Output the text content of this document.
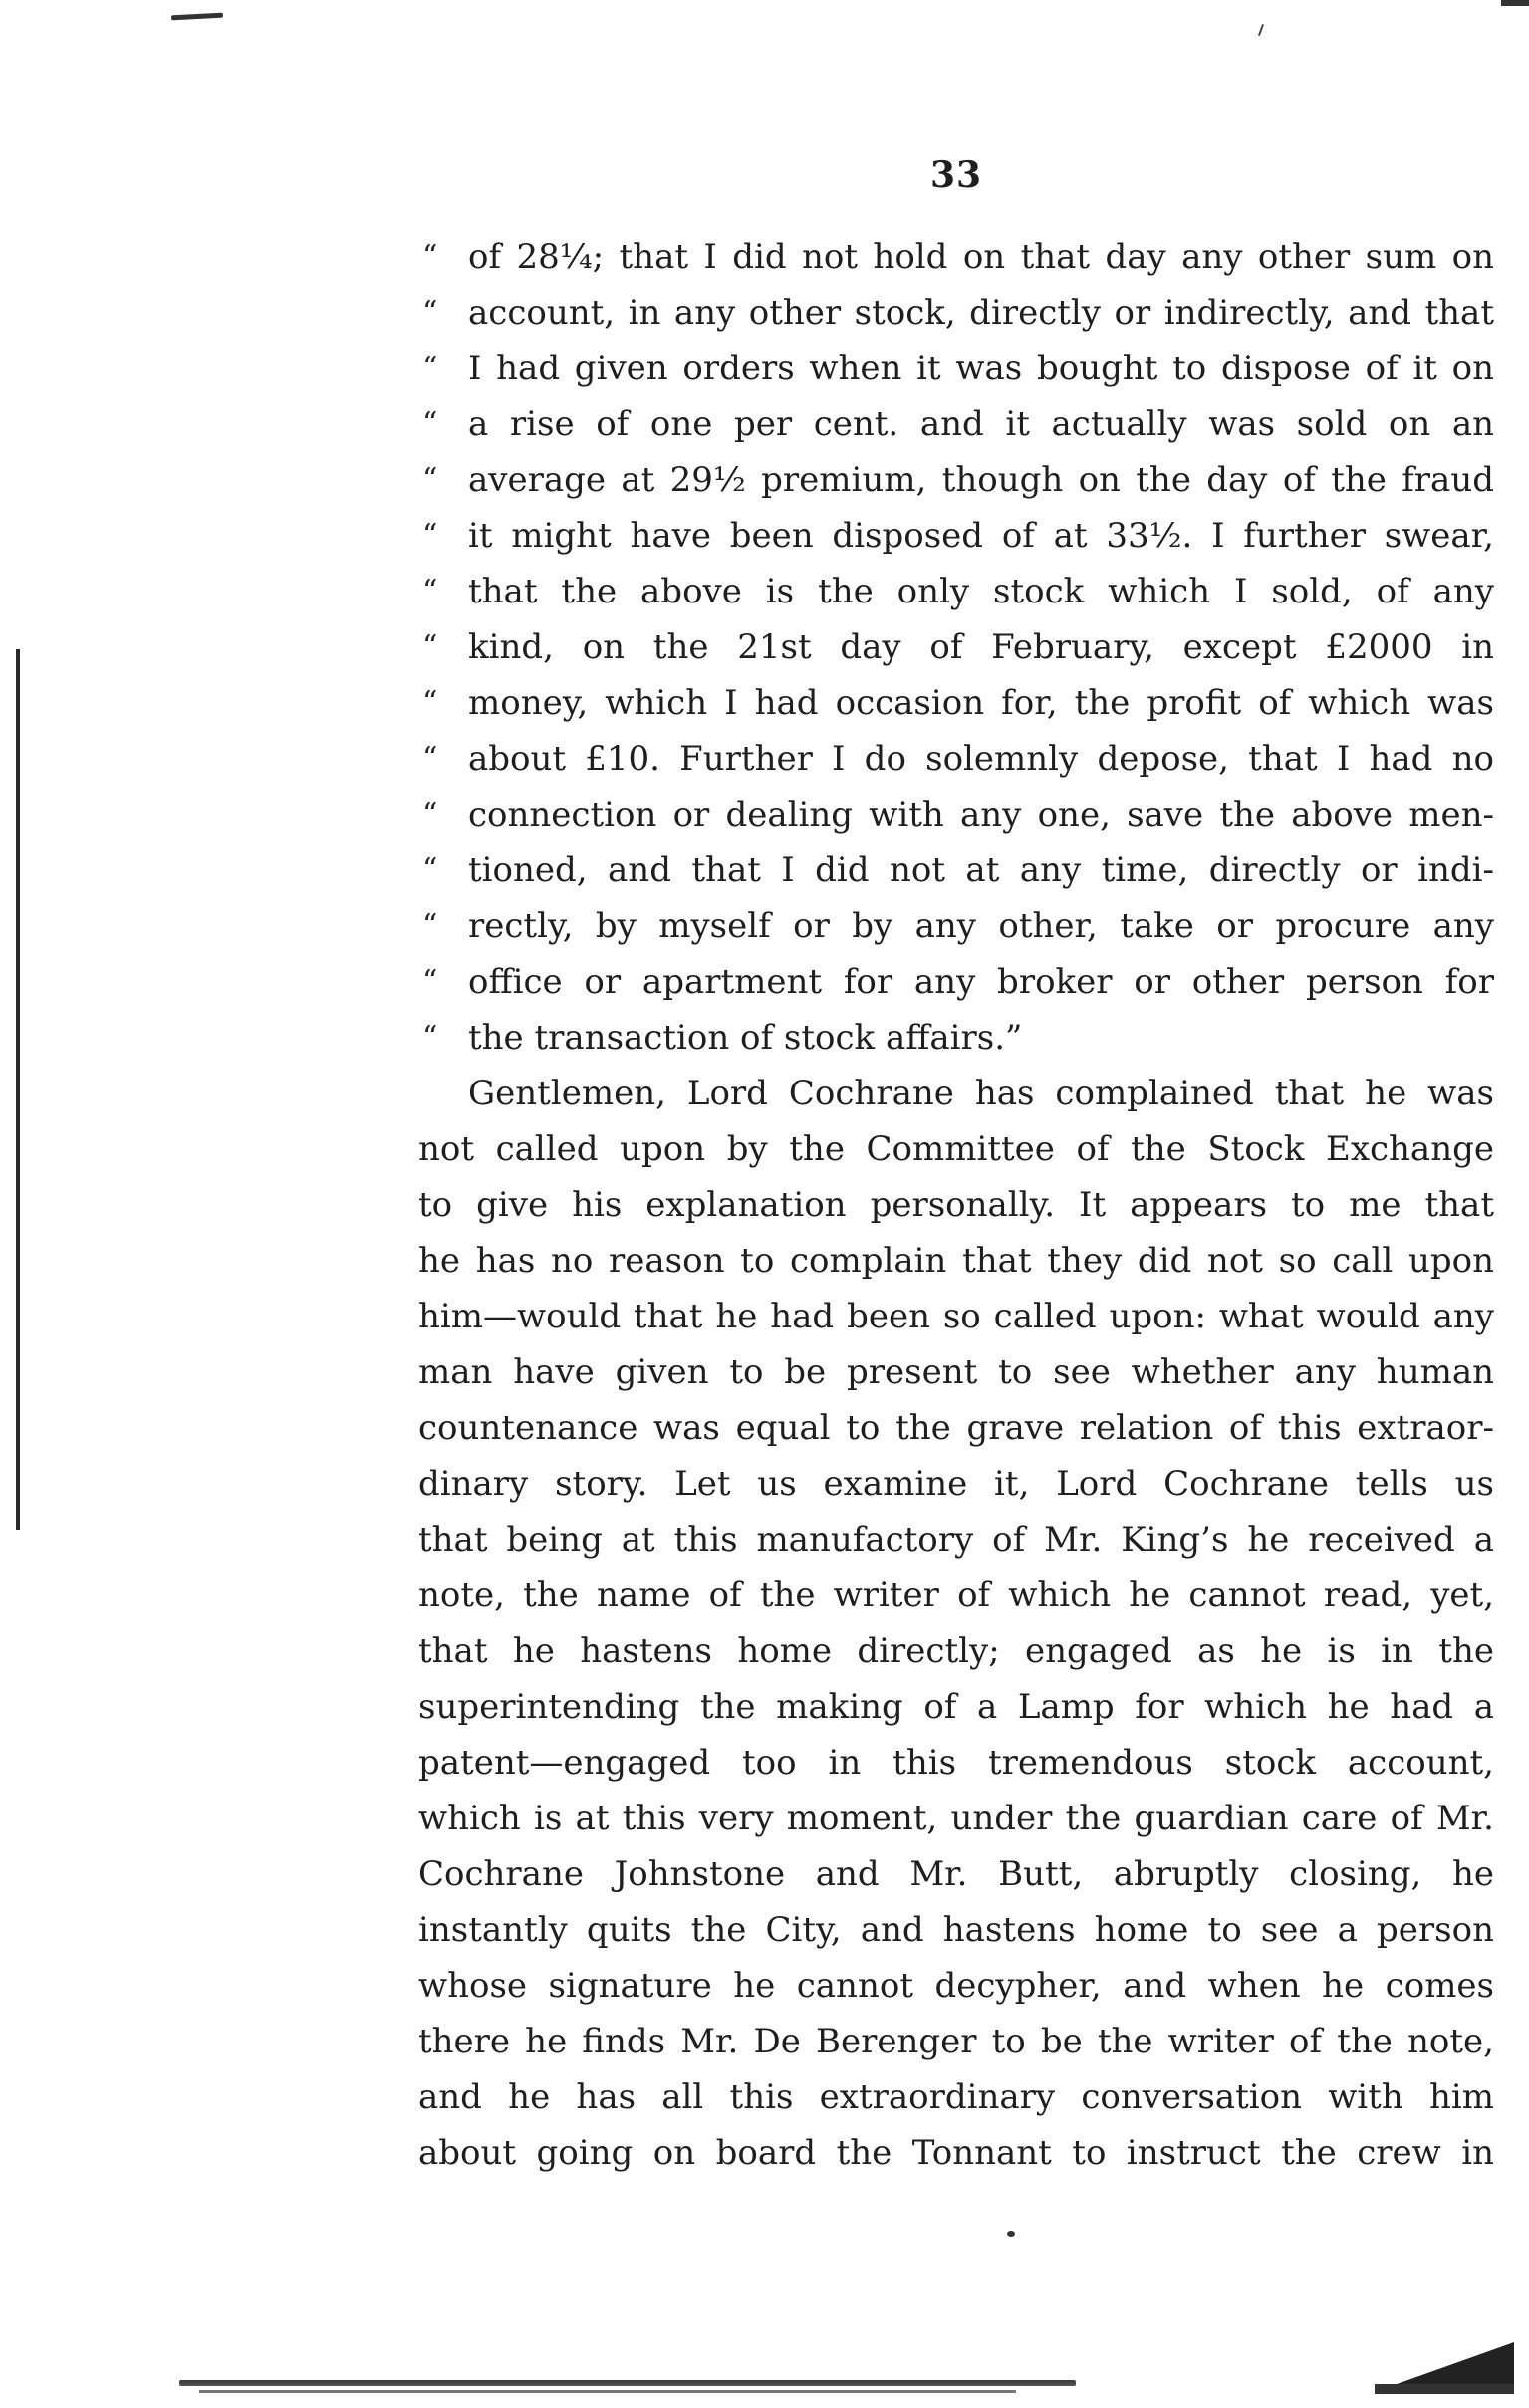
33
“ of 28¼; that I did not hold on that day any other sum on
“ account, in any other stock, directly or indirectly, and that
“ I had given orders when it was bought to dispose of it on
“ a rise of one per cent. and it actually was sold on an
“ average at 29½ premium, though on the day of the fraud
“ it might have been disposed of at 33½. I further swear,
“ that the above is the only stock which I sold, of any
“ kind, on the 21st day of February, except £2000 in
“ money, which I had occasion for, the profit of which was
“ about £10. Further I do solemnly depose, that I had no
“ connection or dealing with any one, save the above men-
“ tioned, and that I did not at any time, directly or indi-
“ rectly, by myself or by any other, take or procure any
“ office or apartment for any broker or other person for
“ the transaction of stock affairs.”
Gentlemen, Lord Cochrane has complained that he was
not called upon by the Committee of the Stock Exchange
to give his explanation personally. It appears to me that
he has no reason to complain that they did not so call upon
him—would that he had been so called upon: what would any
man have given to be present to see whether any human
countenance was equal to the grave relation of this extraor-
dinary story. Let us examine it, Lord Cochrane tells us
that being at this manufactory of Mr. King’s he received a
note, the name of the writer of which he cannot read, yet,
that he hastens home directly; engaged as he is in the
superintending the making of a Lamp for which he had a
patent—engaged too in this tremendous stock account,
which is at this very moment, under the guardian care of Mr.
Cochrane Johnstone and Mr. Butt, abruptly closing, he
instantly quits the City, and hastens home to see a person
whose signature he cannot decypher, and when he comes
there he finds Mr. De Berenger to be the writer of the note,
and he has all this extraordinary conversation with him
about going on board the Tonnant to instruct the crew in
